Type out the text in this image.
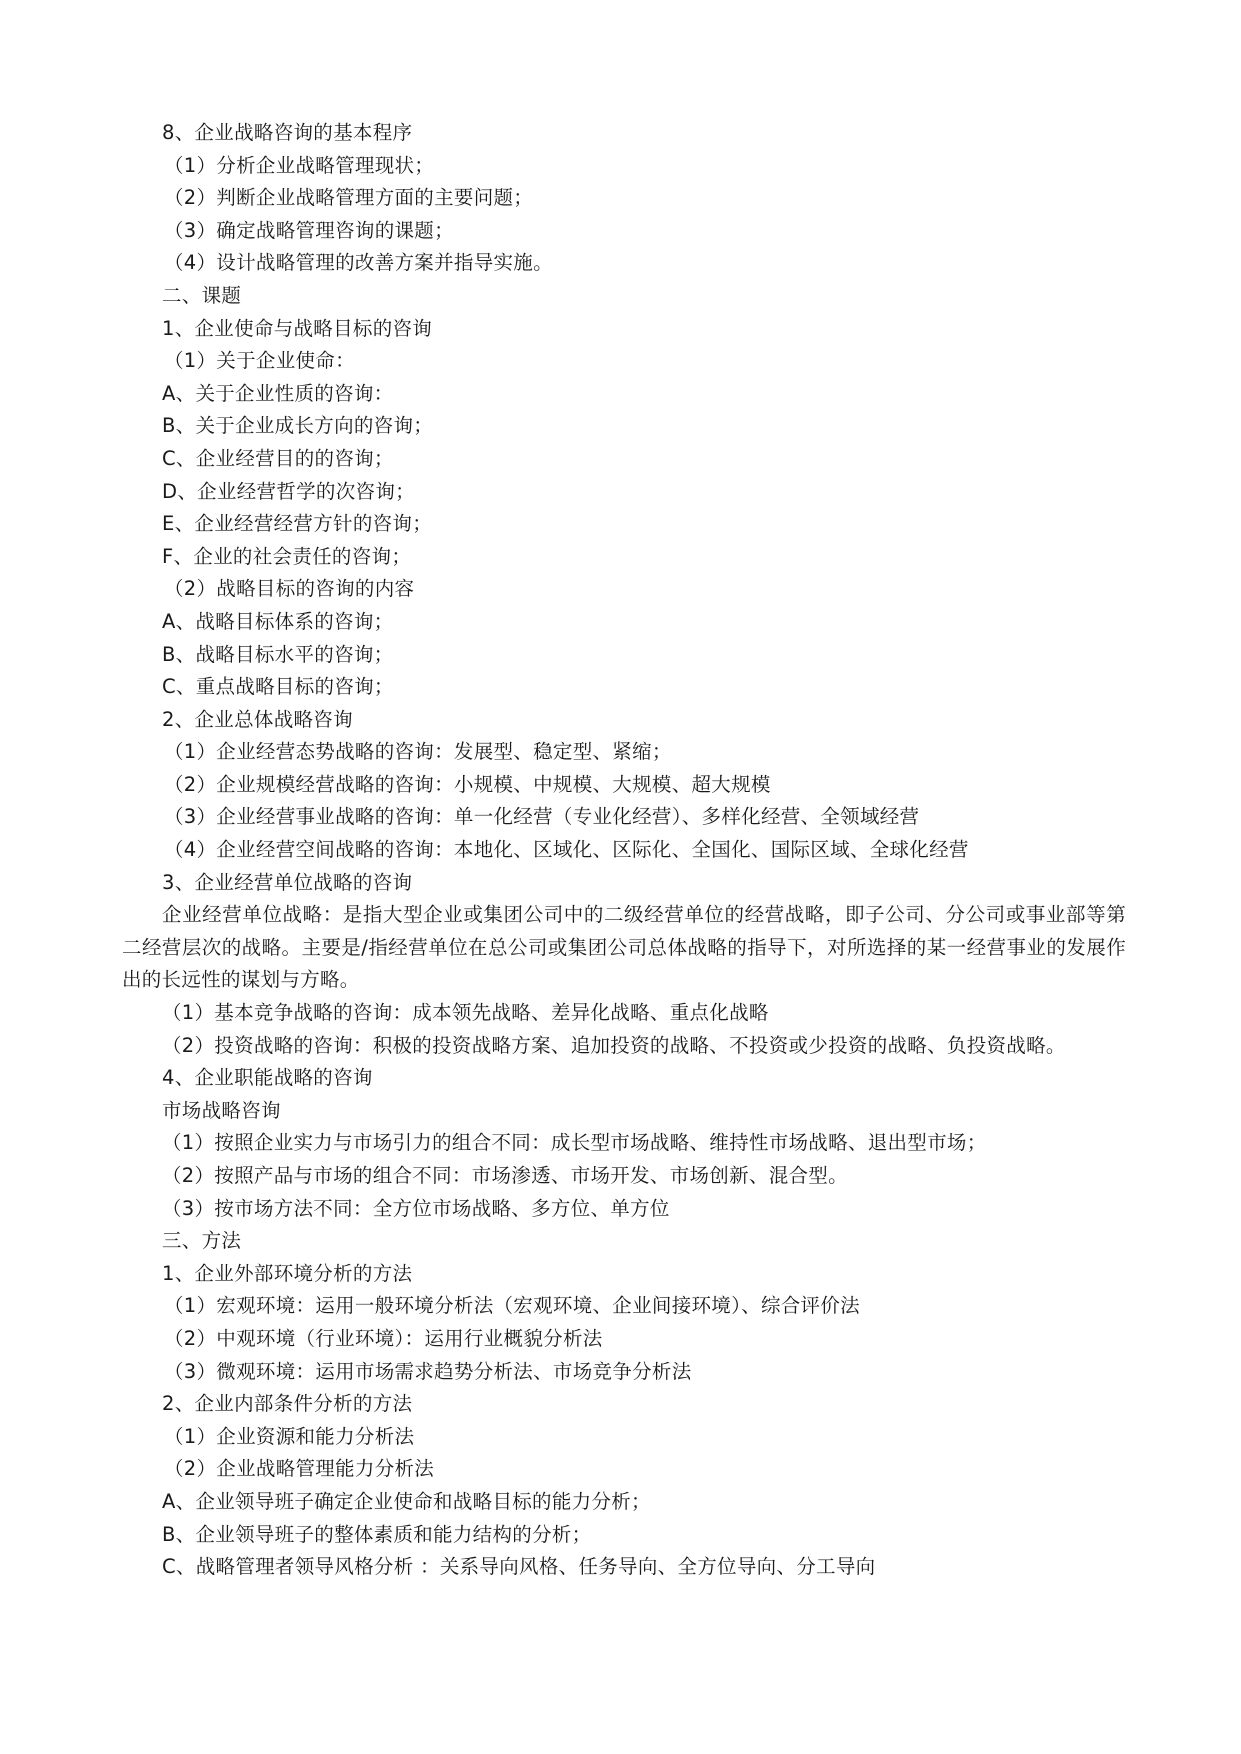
8、企业战略咨询的基本程序
（1）分析企业战略管理现状；
（2）判断企业战略管理方面的主要问题；
（3）确定战略管理咨询的课题；
（4）设计战略管理的改善方案并指导实施。
二、课题
1、企业使命与战略目标的咨询
（1）关于企业使命：
A、关于企业性质的咨询：
B、关于企业成长方向的咨询；
C、企业经营目的的咨询；
D、企业经营哲学的次咨询；
E、企业经营经营方针的咨询；
F、企业的社会责任的咨询；
（2）战略目标的咨询的内容
A、战略目标体系的咨询；
B、战略目标水平的咨询；
C、重点战略目标的咨询；
2、企业总体战略咨询
（1）企业经营态势战略的咨询：发展型、稳定型、紧缩；
（2）企业规模经营战略的咨询：小规模、中规模、大规模、超大规模
（3）企业经营事业战略的咨询：单一化经营（专业化经营）、多样化经营、全领域经营
（4）企业经营空间战略的咨询：本地化、区域化、区际化、全国化、国际区域、全球化经营
3、企业经营单位战略的咨询
企业经营单位战略：是指大型企业或集团公司中的二级经营单位的经营战略，即子公司、分公司或事业部等第二经营层次的战略。主要是/指经营单位在总公司或集团公司总体战略的指导下，对所选择的某一经营事业的发展作出的长远性的谋划与方略。
（1）基本竞争战略的咨询：成本领先战略、差异化战略、重点化战略
（2）投资战略的咨询：积极的投资战略方案、追加投资的战略、不投资或少投资的战略、负投资战略。
4、企业职能战略的咨询
市场战略咨询
（1）按照企业实力与市场引力的组合不同：成长型市场战略、维持性市场战略、退出型市场；
（2）按照产品与市场的组合不同：市场渗透、市场开发、市场创新、混合型。
（3）按市场方法不同：全方位市场战略、多方位、单方位
三、方法
1、企业外部环境分析的方法
（1）宏观环境：运用一般环境分析法（宏观环境、企业间接环境）、综合评价法
（2）中观环境（行业环境）：运用行业概貌分析法
（3）微观环境：运用市场需求趋势分析法、市场竞争分析法
2、企业内部条件分析的方法
（1）企业资源和能力分析法
（2）企业战略管理能力分析法
A、企业领导班子确定企业使命和战略目标的能力分析；
B、企业领导班子的整体素质和能力结构的分析；
C、战略管理者领导风格分析 ：关系导向风格、任务导向、全方位导向、分工导向
